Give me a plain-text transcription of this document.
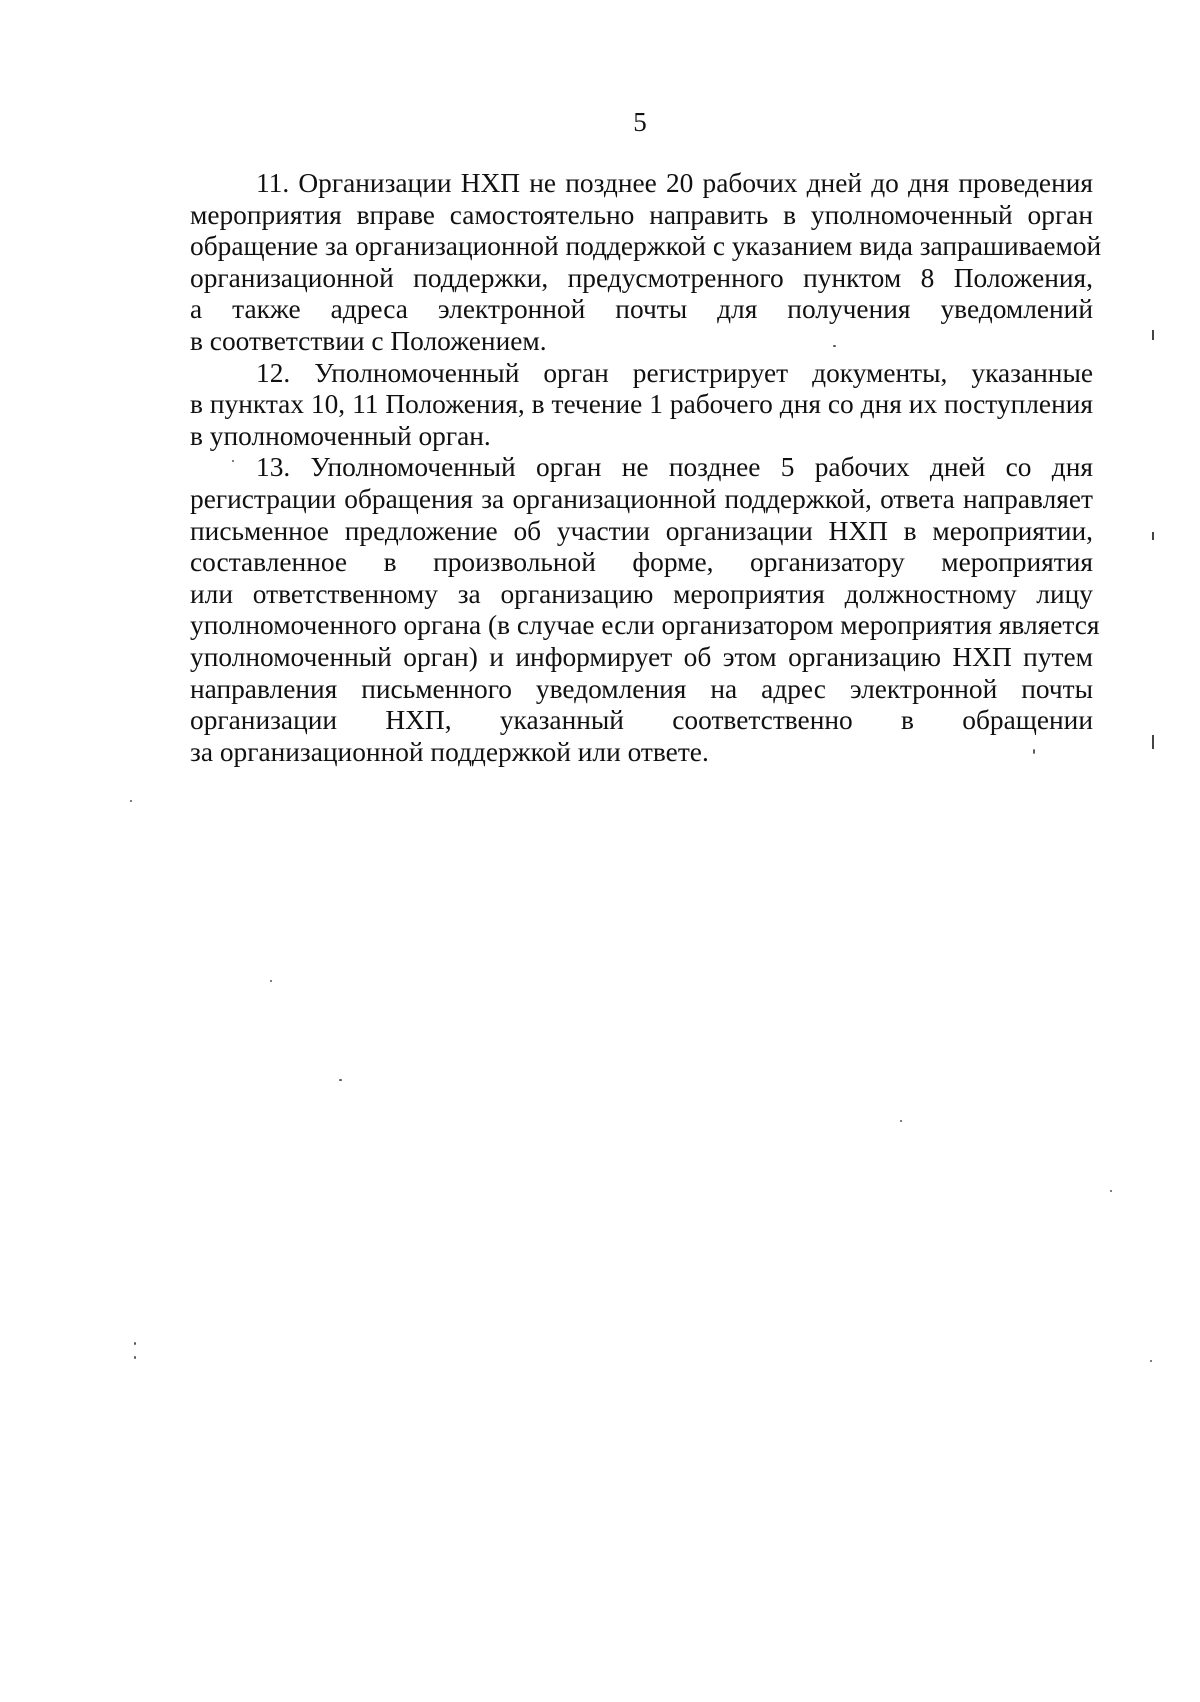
5
11. Организации НХП не позднее 20 рабочих дней до дня проведения
мероприятия вправе самостоятельно направить в уполномоченный орган
обращение за организационной поддержкой с указанием вида запрашиваемой
организационной поддержки, предусмотренного пунктом 8 Положения,
а также адреса электронной почты для получения уведомлений
в соответствии с Положением.
12. Уполномоченный орган регистрирует документы, указанные
в пунктах 10, 11 Положения, в течение 1 рабочего дня со дня их поступления
в уполномоченный орган.
13. Уполномоченный орган не позднее 5 рабочих дней со дня
регистрации обращения за организационной поддержкой, ответа направляет
письменное предложение об участии организации НХП в мероприятии,
составленное в произвольной форме, организатору мероприятия
или ответственному за организацию мероприятия должностному лицу
уполномоченного органа (в случае если организатором мероприятия является
уполномоченный орган) и информирует об этом организацию НХП путем
направления письменного уведомления на адрес электронной почты
организации НХП, указанный соответственно в обращении
за организационной поддержкой или ответе.
